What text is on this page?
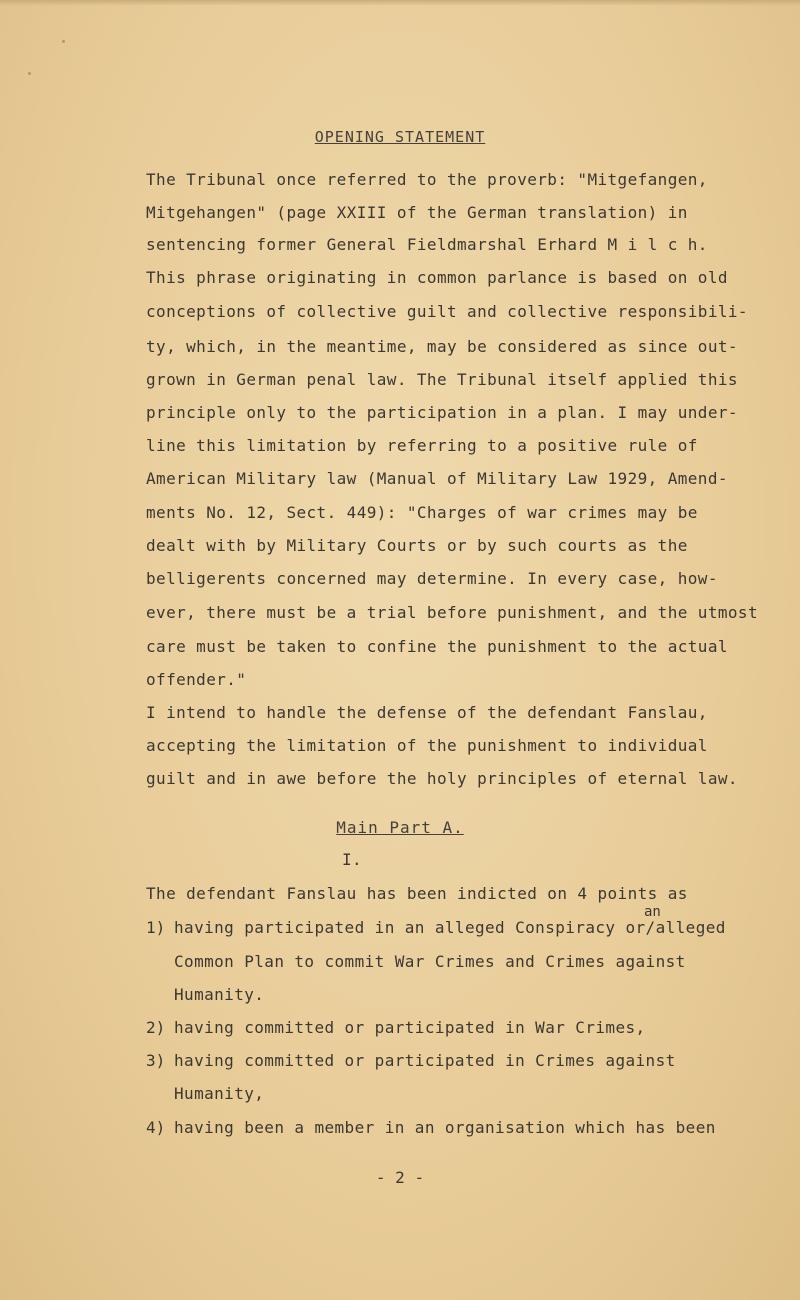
OPENING STATEMENT
The Tribunal once referred to the proverb: "Mitgefangen,
Mitgehangen" (page XXIII of the German translation) in
sentencing former General Fieldmarshal Erhard M i l c h.
This phrase originating in common parlance is based on old
conceptions of collective guilt and collective responsibili-
ty, which, in the meantime, may be considered as since out-
grown in German penal law. The Tribunal itself applied this
principle only to the participation in a plan. I may under-
line this limitation by referring to a positive rule of
American Military law (Manual of Military Law 1929, Amend-
ments No. 12, Sect. 449): "Charges of war crimes may be
dealt with by Military Courts or by such courts as the
belligerents concerned may determine. In every case, how-
ever, there must be a trial before punishment, and the utmost
care must be taken to confine the punishment to the actual
offender."
I intend to handle the defense of the defendant Fanslau,
accepting the limitation of the punishment to individual
guilt and in awe before the holy principles of eternal law.
Main Part A.
I.
The defendant Fanslau has been indicted on 4 points as
an
1) having participated in an alleged Conspiracy or/alleged
Common Plan to commit War Crimes and Crimes against
Humanity.
2) having committed or participated in War Crimes,
3) having committed or participated in Crimes against
Humanity,
4) having been a member in an organisation which has been
- 2 -
